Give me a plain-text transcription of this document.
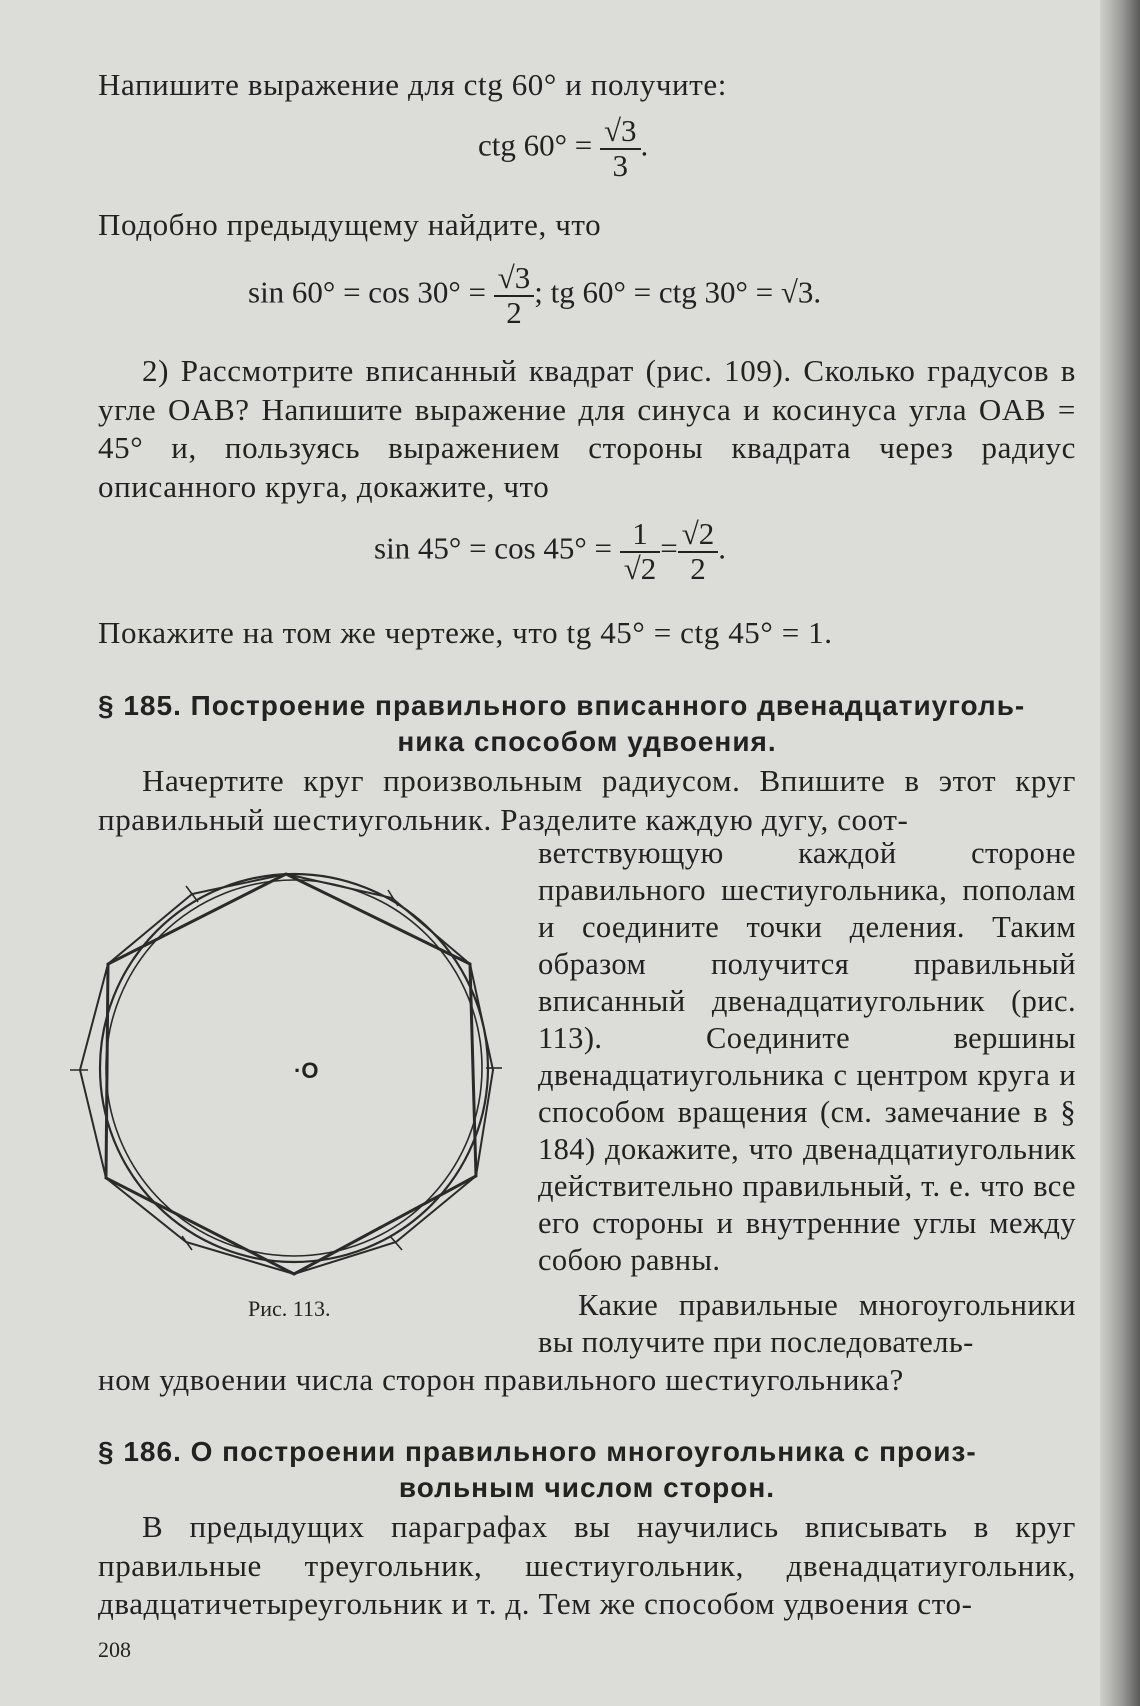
Напишите выражение для ctg 60° и получите:

ctg $60^\circ = \frac{√3}{3}$ .

Подобно предыдущему найдите, что

$\sin 60^\circ = \cos 30^\circ = \frac{√3}{2}$ ; tg 60° = ctg 30° = √3.

2) Рассмотрите вписанный квадрат (рис. 109). Сколько градусов в угле OAB? Напишите выражение для синуса и косинуса угла OAB = 45° и, пользуясь выражением стороны квадрата через радиус описанного круга, докажите, что

$\sin 45^\circ = \cos 45^\circ = \frac{1}{√2} = \frac{√2}{2}$ .

Покажите на том же чертеже, что tg 45° = ctg 45° = 1.

§ 185. Построение правильного вписанного двенадцатиуголь-
ника способом удвоения.

Начертите круг произвольным радиусом. Впишите в этот круг правильный шестиугольник. Разделите каждую дугу, соот-

·O
ветствующую каждой стороне правильного шестиугольника, пополам и соедините точки деления. Таким образом получится правильный вписанный двенадцатиугольник (рис. 113). Соедините вершины двенадцатиугольника с центром круга и способом вращения (см. замечание в § 184) докажите, что двенадцатиугольник действительно правильный, т. е. что все его стороны и внутренние углы между собою равны.
Рис. 113.	Какие правильные многоугольники вы получите при последователь-

ном удвоении числа сторон правильного шестиугольника?

§ 186. О построении правильного многоугольника с произ-
вольным числом сторон.

В предыдущих параграфах вы научились вписывать в круг правильные треугольник, шестиугольник, двенадцатиугольник, двадцатичетыреугольник и т. д. Тем же способом удвоения сто-

208
